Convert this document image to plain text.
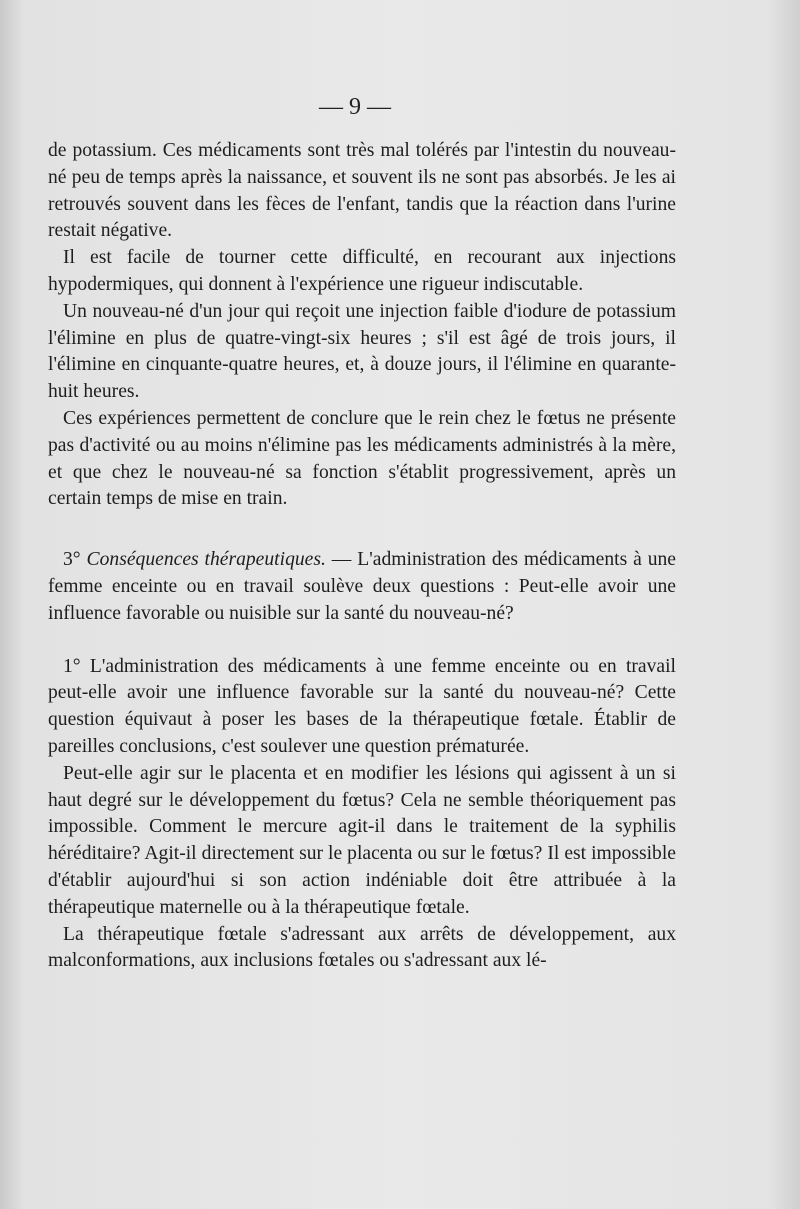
— 9 —

de potassium. Ces médicaments sont très mal tolérés par l'intestin du nouveau-né peu de temps après la naissance, et souvent ils ne sont pas absorbés. Je les ai retrouvés souvent dans les fèces de l'enfant, tandis que la réaction dans l'urine restait négative.

Il est facile de tourner cette difficulté, en recourant aux injections hypodermiques, qui donnent à l'expérience une rigueur indiscutable.

Un nouveau-né d'un jour qui reçoit une injection faible d'iodure de potassium l'élimine en plus de quatre-vingt-six heures ; s'il est âgé de trois jours, il l'élimine en cinquante-quatre heures, et, à douze jours, il l'élimine en quarante-huit heures.

Ces expériences permettent de conclure que le rein chez le fœtus ne présente pas d'activité ou au moins n'élimine pas les médicaments administrés à la mère, et que chez le nouveau-né sa fonction s'établit progressivement, après un certain temps de mise en train.

3° Conséquences thérapeutiques. — L'administration des médicaments à une femme enceinte ou en travail soulève deux questions : Peut-elle avoir une influence favorable ou nuisible sur la santé du nouveau-né?

1° L'administration des médicaments à une femme enceinte ou en travail peut-elle avoir une influence favorable sur la santé du nouveau-né? Cette question équivaut à poser les bases de la thérapeutique fœtale. Établir de pareilles conclusions, c'est soulever une question prématurée.

Peut-elle agir sur le placenta et en modifier les lésions qui agissent à un si haut degré sur le développement du fœtus? Cela ne semble théoriquement pas impossible. Comment le mercure agit-il dans le traitement de la syphilis héréditaire? Agit-il directement sur le placenta ou sur le fœtus? Il est impossible d'établir aujourd'hui si son action indéniable doit être attribuée à la thérapeutique maternelle ou à la thérapeutique fœtale.

La thérapeutique fœtale s'adressant aux arrêts de développement, aux malconformations, aux inclusions fœtales ou s'adressant aux lé-
